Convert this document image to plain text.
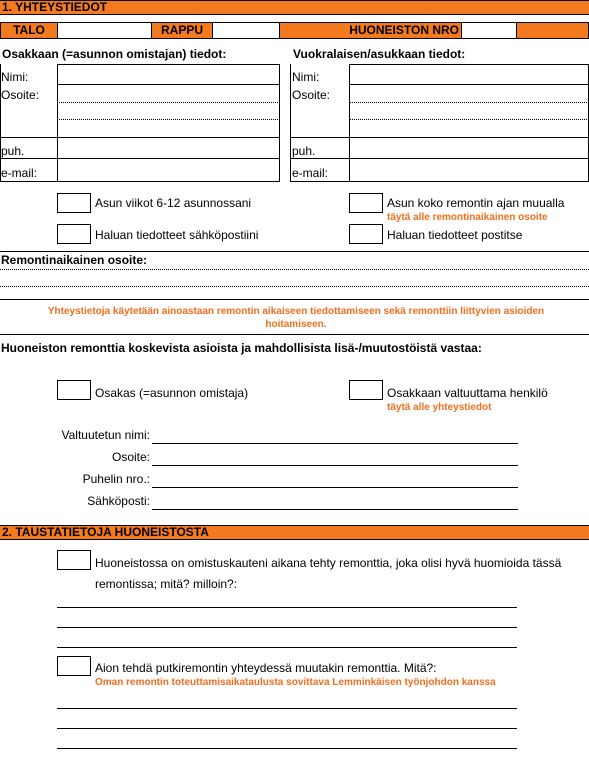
1. YHTEYSTIEDOT
TALO	RAPPU	HUONEISTON NRO
Osakkaan (=asunnon omistajan) tiedot:
Nimi:
Osoite:
puh.
e-mail:
Vuokralaisen/asukkaan tiedot:
Nimi:
Osoite:
puh.
e-mail:
Asun viikot 6-12 asunnossani	Asun koko remontin ajan muualla
täytä alle remontinaikainen osoite
Haluan tiedotteet sähköpostiini	Haluan tiedotteet postitse
Remontinaikainen osoite:
Yhteystietoja käytetään ainoastaan remontin aikaiseen tiedottamiseen sekä remonttiin liittyvien asioiden hoitamiseen.
Huoneiston remonttia koskevista asioista ja mahdollisista lisä-/muutostöistä vastaa:
Osakas (=asunnon omistaja)	Osakkaan valtuuttama henkilö
täytä alle yhteystiedot
Valtuutetun nimi:
Osoite:
Puhelin nro.:
Sähköposti:
2. TAUSTATIETOJA HUONEISTOSTA
Huoneistossa on omistuskauteni aikana tehty remonttia, joka olisi hyvä huomioida tässä remontissa; mitä? milloin?:
Aion tehdä putkiremontin yhteydessä muutakin remonttia. Mitä?:
Oman remontin toteuttamisaikataulusta sovittava Lemminkäisen työnjohdon kanssa
